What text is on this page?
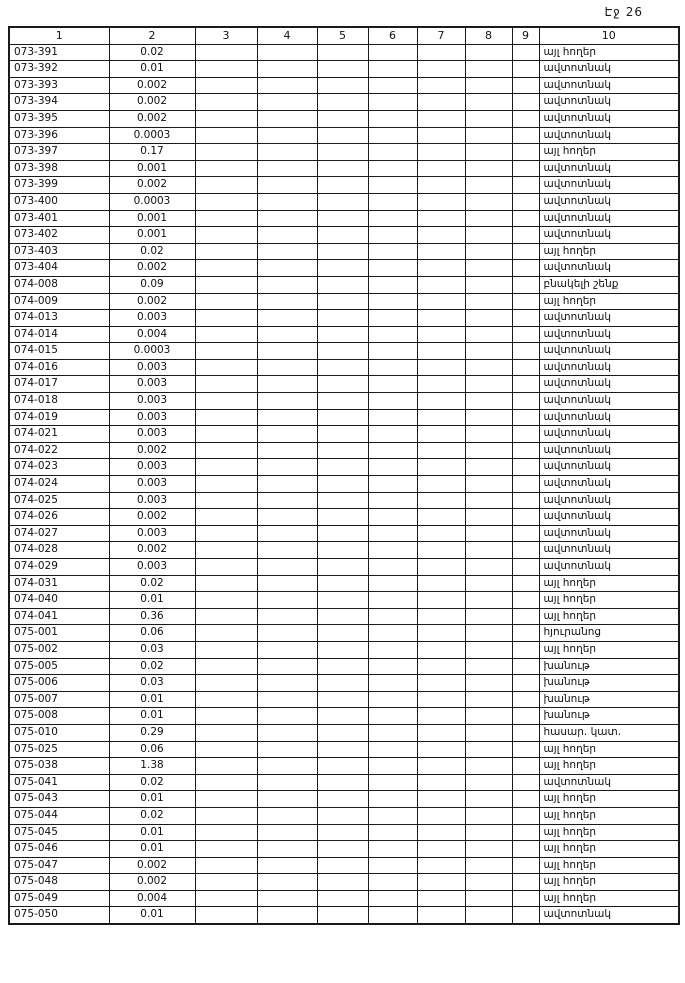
Էջ 26
1	2	3	4	5	6	7	8	9	10
073-391	0.02								այլ հողեր
073-392	0.01								ավտոտնակ
073-393	0.002								ավտոտնակ
073-394	0.002								ավտոտնակ
073-395	0.002								ավտոտնակ
073-396	0.0003								ավտոտնակ
073-397	0.17								այլ հողեր
073-398	0.001								ավտոտնակ
073-399	0.002								ավտոտնակ
073-400	0.0003								ավտոտնակ
073-401	0.001								ավտոտնակ
073-402	0.001								ավտոտնակ
073-403	0.02								այլ հողեր
073-404	0.002								ավտոտնակ
074-008	0.09								բնակելի շենք
074-009	0.002								այլ հողեր
074-013	0.003								ավտոտնակ
074-014	0.004								ավտոտնակ
074-015	0.0003								ավտոտնակ
074-016	0.003								ավտոտնակ
074-017	0.003								ավտոտնակ
074-018	0.003								ավտոտնակ
074-019	0.003								ավտոտնակ
074-021	0.003								ավտոտնակ
074-022	0.002								ավտոտնակ
074-023	0.003								ավտոտնակ
074-024	0.003								ավտոտնակ
074-025	0.003								ավտոտնակ
074-026	0.002								ավտոտնակ
074-027	0.003								ավտոտնակ
074-028	0.002								ավտոտնակ
074-029	0.003								ավտոտնակ
074-031	0.02								այլ հողեր
074-040	0.01								այլ հողեր
074-041	0.36								այլ հողեր
075-001	0.06								հյուրանոց
075-002	0.03								այլ հողեր
075-005	0.02								խանութ
075-006	0.03								խանութ
075-007	0.01								խանութ
075-008	0.01								խանութ
075-010	0.29								հասար. կատ.
075-025	0.06								այլ հողեր
075-038	1.38								այլ հողեր
075-041	0.02								ավտոտնակ
075-043	0.01								այլ հողեր
075-044	0.02								այլ հողեր
075-045	0.01								այլ հողեր
075-046	0.01								այլ հողեր
075-047	0.002								այլ հողեր
075-048	0.002								այլ հողեր
075-049	0.004								այլ հողեր
075-050	0.01								ավտոտնակ
